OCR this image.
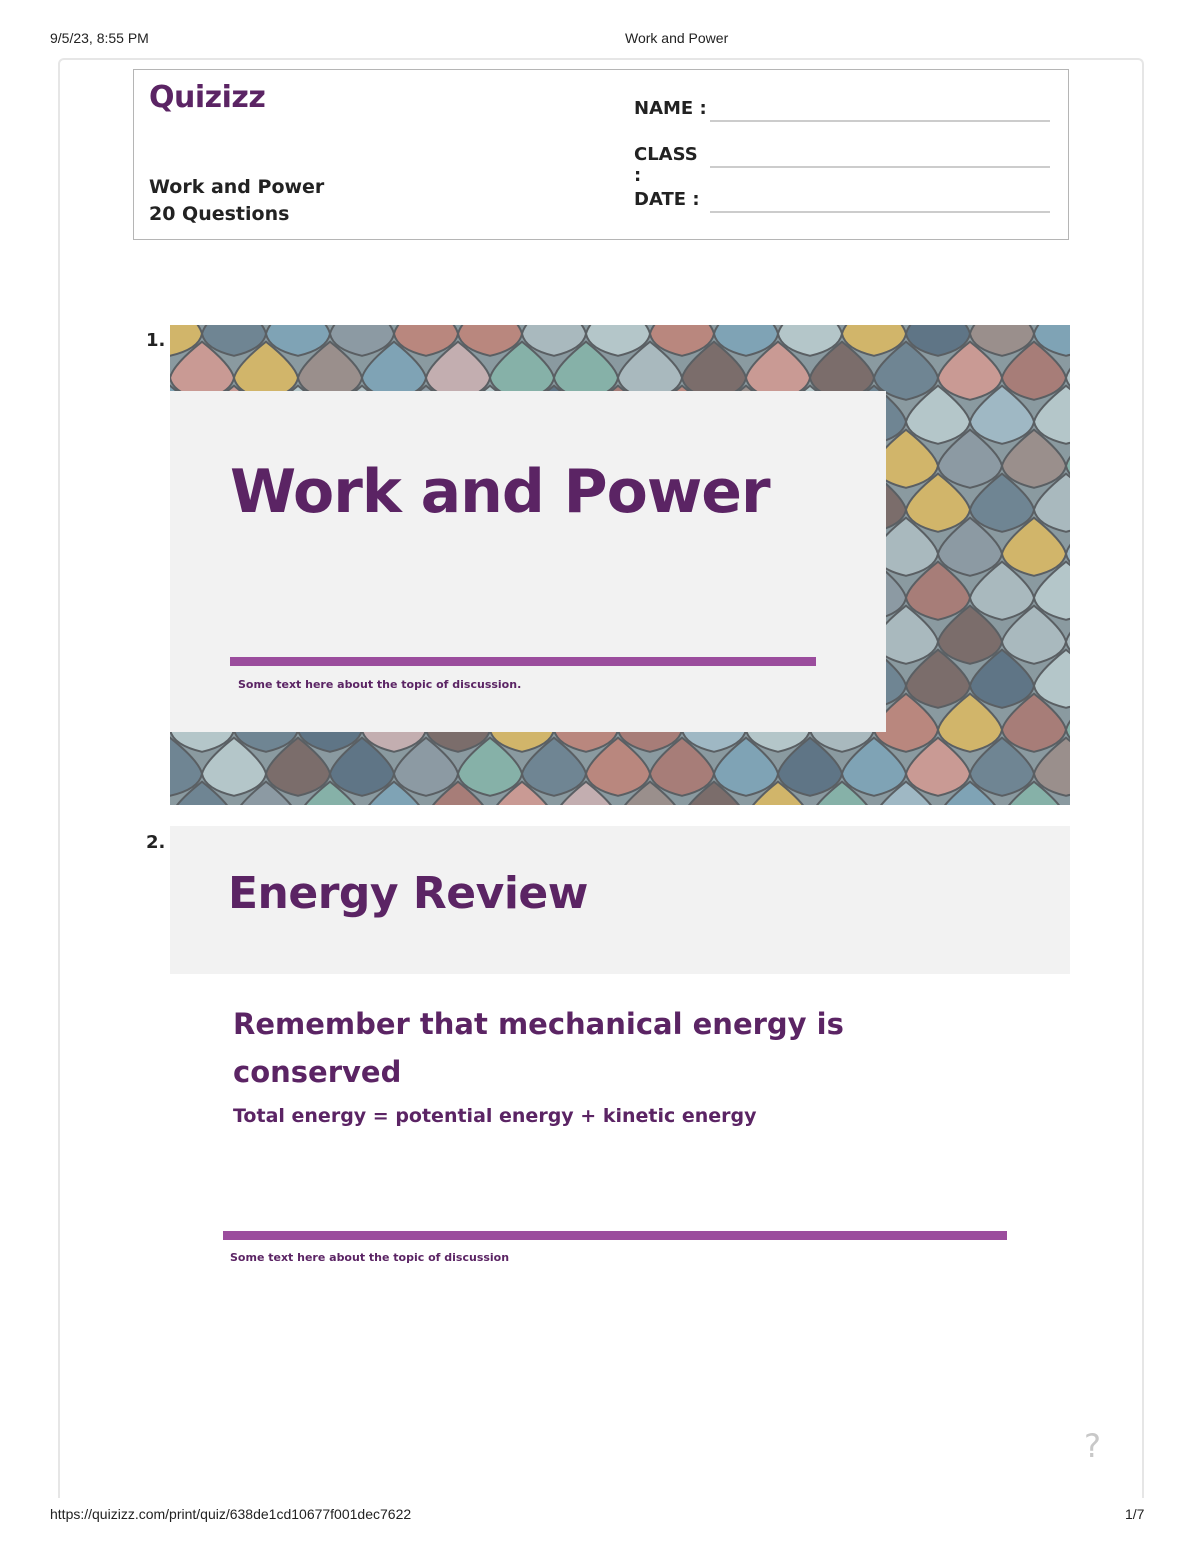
9/5/23, 8:55 PM	Work and Power
Quizizz
Work and Power
20 Questions
NAME :
CLASS :
DATE :
1.
Work and Power
Some text here about the topic of discussion.
2.
Energy Review
Remember that mechanical energy is conserved
Total energy = potential energy + kinetic energy
Some text here about the topic of discussion
?
https://quizizz.com/print/quiz/638de1cd10677f001dec7622	1/7
